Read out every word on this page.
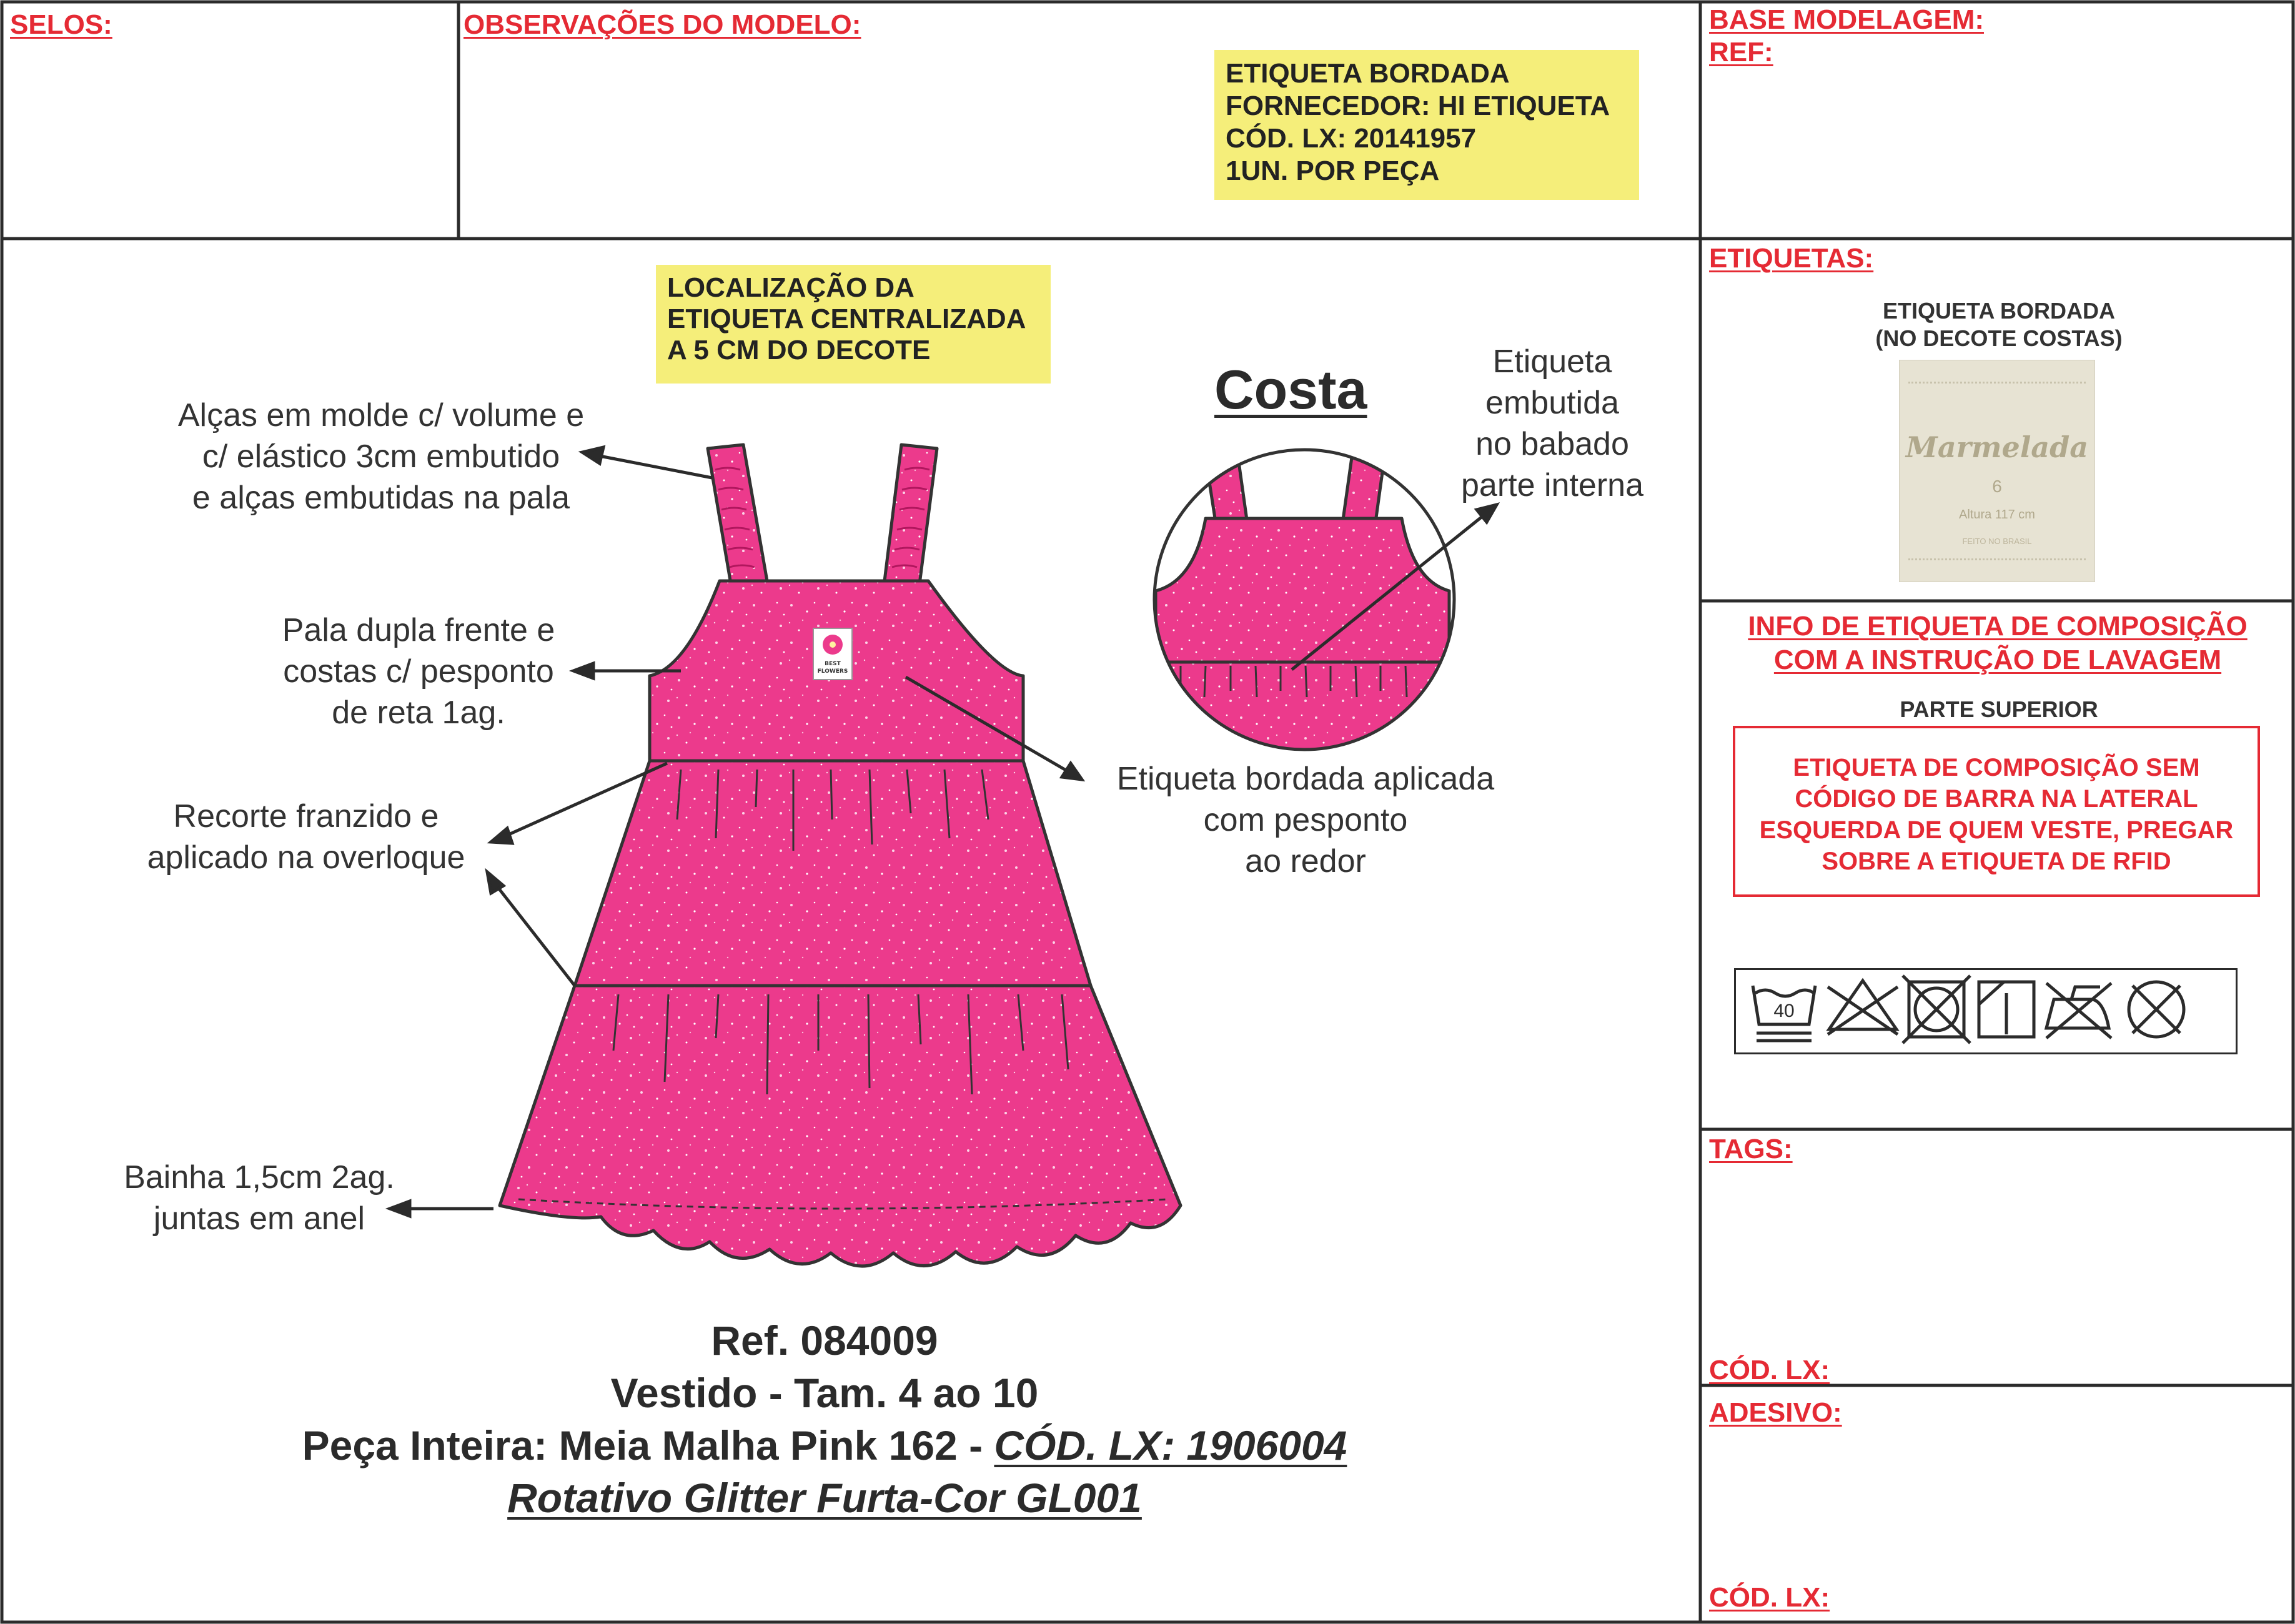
SELOS:	OBSERVAÇÕES DO MODELO:	BASE MODELAGEM:
REF:
ETIQUETA BORDADA
FORNECEDOR: HI ETIQUETA
CÓD. LX: 20141957
1UN. POR PEÇA
LOCALIZAÇÃO DA
ETIQUETA CENTRALIZADA
A 5 CM DO DECOTE
Costa	Etiqueta
embutida
no babado
parte interna
Alças em molde c/ volume e
c/ elástico 3cm embutido
e alças embutidas na pala
Pala dupla frente e
costas c/ pesponto
de reta 1ag.
Recorte franzido e
aplicado na overloque
Bainha 1,5cm 2ag.
juntas em anel
Etiqueta bordada aplicada
com pesponto
ao redor
BEST
FLOWERS
Ref. 084009
Vestido - Tam. 4 ao 10
Peça Inteira: Meia Malha Pink 162 - CÓD. LX: 1906004
Rotativo Glitter Furta-Cor GL001
ETIQUETAS:
ETIQUETA BORDADA
(NO DECOTE COSTAS)
Marmelada
6
Altura 117 cm
FEITO NO BRASIL
INFO DE ETIQUETA DE COMPOSIÇÃO
COM A INSTRUÇÃO DE LAVAGEM
PARTE SUPERIOR
ETIQUETA DE COMPOSIÇÃO SEM
CÓDIGO DE BARRA NA LATERAL
ESQUERDA DE QUEM VESTE, PREGAR
SOBRE A ETIQUETA DE RFID
40
TAGS:
CÓD. LX:
ADESIVO:
CÓD. LX:
